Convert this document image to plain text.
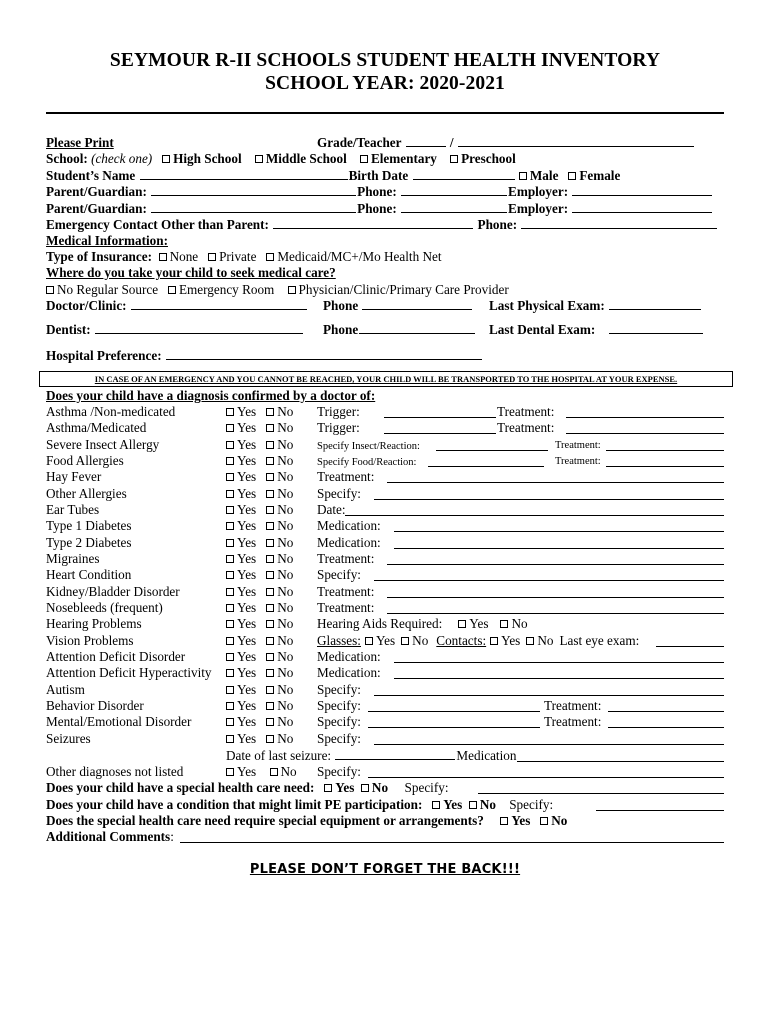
SEYMOUR R-II SCHOOLS STUDENT HEALTH INVENTORY
SCHOOL YEAR: 2020-2021
Please Print	Grade/Teacher	/
School: (check one) High School Middle School Elementary Preschool
Student’s Name	Birth Date	Male Female
Parent/Guardian:	Phone:	Employer:
Parent/Guardian:	Phone:	Employer:
Emergency Contact Other than Parent:	Phone:
Medical Information:
Type of Insurance: None Private Medicaid/MC+/Mo Health Net
Where do you take your child to seek medical care?
No Regular Source Emergency Room Physician/Clinic/Primary Care Provider
Doctor/Clinic:	Phone	Last Physical Exam:
Dentist:	Phone	Last Dental Exam:
Hospital Preference:
IN CASE OF AN EMERGENCY AND YOU CANNOT BE REACHED, YOUR CHILD WILL BE TRANSPORTED TO THE HOSPITAL AT YOUR EXPENSE.
Does your child have a diagnosis confirmed by a doctor of:
Date of last seizure:	Medication
Other diagnoses not listed	Yes No Specify:
Does your child have a special health care need: Yes No Specify:
Does your child have a condition that might limit PE participation: Yes No Specify:
Does the special health care need require special equipment or arrangements? Yes No
Additional Comments:
PLEASE DON’T FORGET THE BACK!!!
Asthma /Non-medicated	Yes No Trigger:	Treatment:
Asthma/Medicated	Yes No Trigger:	Treatment:
Severe Insect Allergy	Yes No Specify Insect/Reaction:	Treatment:
Food Allergies	Yes No Specify Food/Reaction:	Treatment:
Hay Fever	Yes No Treatment:
Other Allergies	Yes No Specify:
Ear Tubes	Yes No Date:
Type 1 Diabetes	Yes No Medication:
Type 2 Diabetes	Yes No Medication:
Migraines	Yes No Treatment:
Heart Condition	Yes No Specify:
Kidney/Bladder Disorder	Yes No Treatment:
Nosebleeds (frequent)	Yes No Treatment:
Hearing Problems	Yes No Hearing Aids Required: Yes No
Vision Problems	Yes No Glasses: Yes No Contacts: Yes No Last eye exam:
Attention Deficit Disorder	Yes No Medication:
Attention Deficit Hyperactivity	Yes No Medication:
Autism	Yes No Specify:
Behavior Disorder	Yes No Specify:	Treatment:
Mental/Emotional Disorder	Yes No Specify:	Treatment:
Seizures	Yes No Specify:
